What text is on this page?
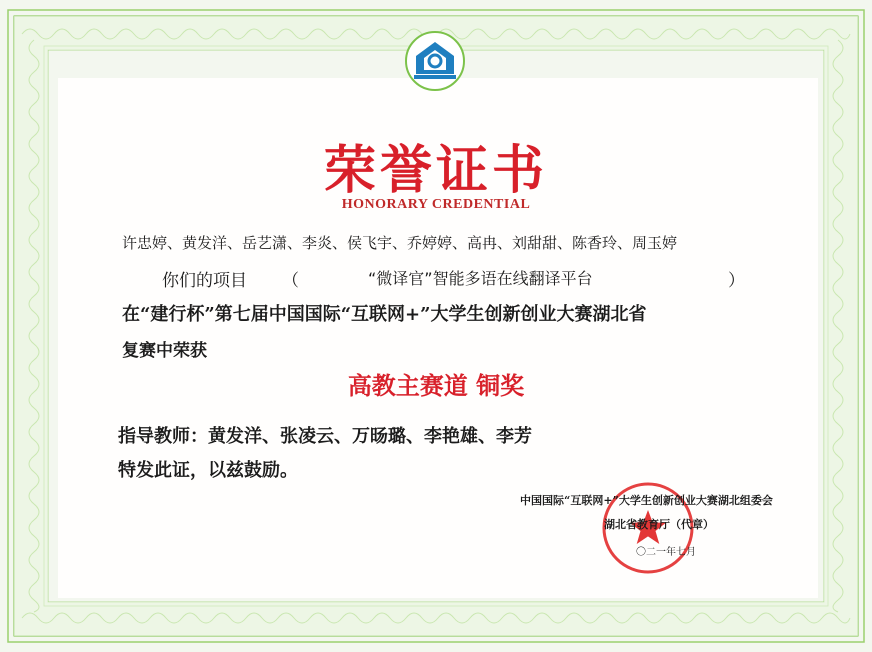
荣誉证书
HONORARY CREDENTIAL
许忠婷、黄发洋、岳艺潇、李炎、侯飞宇、乔婷婷、高冉、刘甜甜、陈香玲、周玉婷
你们的项目 （	“微译官”智能多语在线翻译平台	）
在“建行杯”第七届中国国际“互联网+”大学生创新创业大赛湖北省
复赛中荣获
高教主赛道 铜奖
指导教师：黄发洋、张凌云、万旸璐、李艳雄、李芳
特发此证，以兹鼓励。
中国国际“互联网+”大学生创新创业大赛湖北组委会
湖北省教育厅（代章）
〇二一年七月
